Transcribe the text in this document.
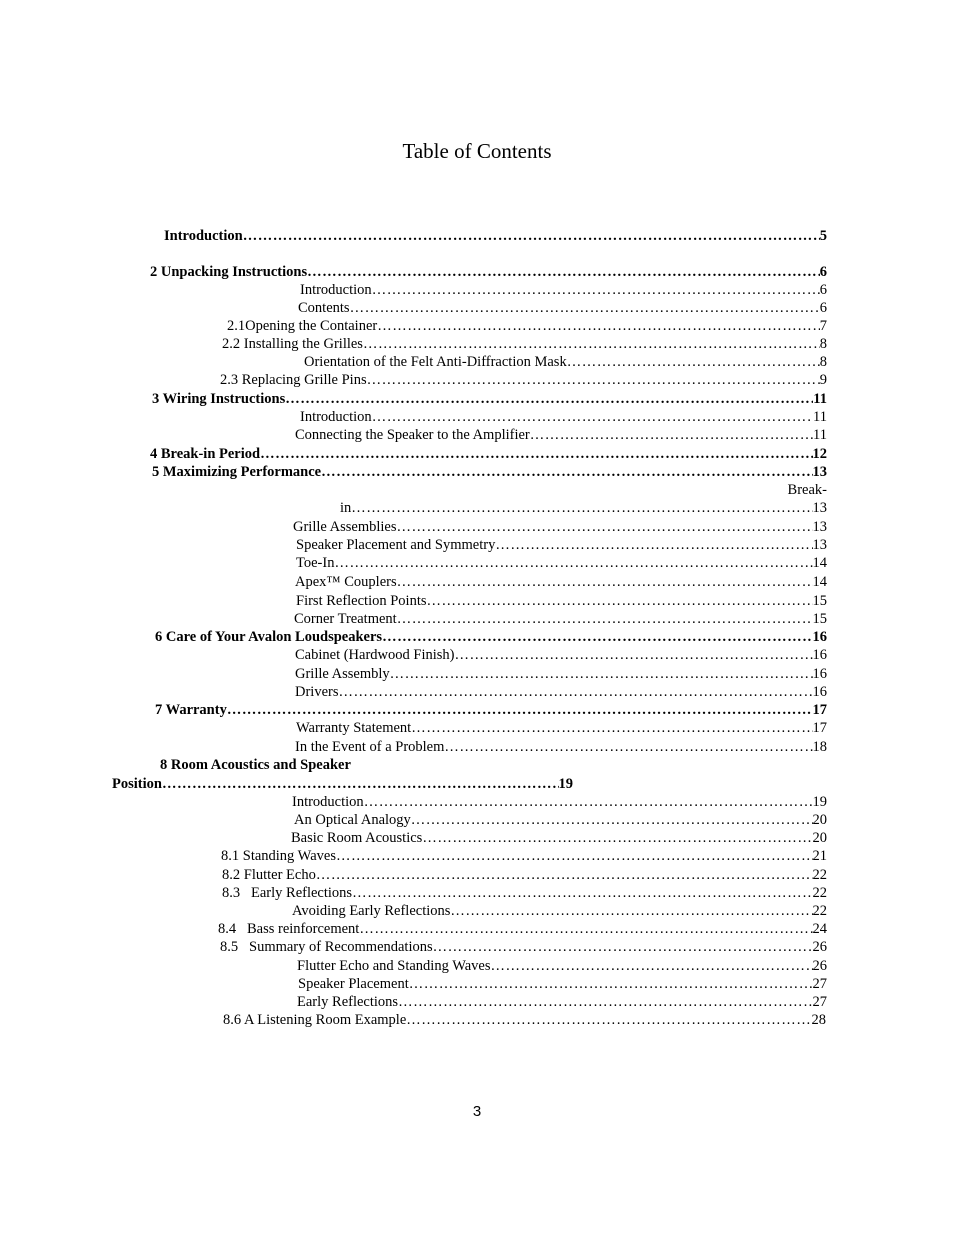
Table of Contents
Introduction …………………………………………………………………………………………………………………………………………………………………………………………………………………………………………	5
2 Unpacking Instructions …………………………………………………………………………………………………………………………………………………………………………………………………………………………………………	6
Introduction …………………………………………………………………………………………………………………………………………………………………………………………………………………………………………	6
Contents …………………………………………………………………………………………………………………………………………………………………………………………………………………………………………	6
2.1Opening the Container …………………………………………………………………………………………………………………………………………………………………………………………………………………………………………	7
2.2 Installing the Grilles …………………………………………………………………………………………………………………………………………………………………………………………………………………………………………	8
Orientation of the Felt Anti-Diffraction Mask …………………………………………………………………………………………………………………………………………………………………………………………………………………………………………	8
2.3 Replacing Grille Pins …………………………………………………………………………………………………………………………………………………………………………………………………………………………………………	9
3 Wiring Instructions …………………………………………………………………………………………………………………………………………………………………………………………………………………………………………	11
Introduction …………………………………………………………………………………………………………………………………………………………………………………………………………………………………………	11
Connecting the Speaker to the Amplifier …………………………………………………………………………………………………………………………………………………………………………………………………………………………………………	11
4 Break-in Period …………………………………………………………………………………………………………………………………………………………………………………………………………………………………………	12
5 Maximizing Performance …………………………………………………………………………………………………………………………………………………………………………………………………………………………………………	13
Break-
in …………………………………………………………………………………………………………………………………………………………………………………………………………………………………………	13
Grille Assemblies …………………………………………………………………………………………………………………………………………………………………………………………………………………………………………	13
Speaker Placement and Symmetry …………………………………………………………………………………………………………………………………………………………………………………………………………………………………………	13
Toe-In …………………………………………………………………………………………………………………………………………………………………………………………………………………………………………	14
Apex™ Couplers …………………………………………………………………………………………………………………………………………………………………………………………………………………………………………	14
First Reflection Points …………………………………………………………………………………………………………………………………………………………………………………………………………………………………………	15
Corner Treatment …………………………………………………………………………………………………………………………………………………………………………………………………………………………………………	15
6 Care of Your Avalon Loudspeakers …………………………………………………………………………………………………………………………………………………………………………………………………………………………………………	16
Cabinet (Hardwood Finish) …………………………………………………………………………………………………………………………………………………………………………………………………………………………………………	16
Grille Assembly …………………………………………………………………………………………………………………………………………………………………………………………………………………………………………	16
Drivers …………………………………………………………………………………………………………………………………………………………………………………………………………………………………………	16
7 Warranty …………………………………………………………………………………………………………………………………………………………………………………………………………………………………………	17
Warranty Statement …………………………………………………………………………………………………………………………………………………………………………………………………………………………………………	17
In the Event of a Problem …………………………………………………………………………………………………………………………………………………………………………………………………………………………………………	18
8 Room Acoustics and Speaker
Position …………………………………………………………………………………………………………………………………………………………………………………………………………………………………………	19
Introduction …………………………………………………………………………………………………………………………………………………………………………………………………………………………………………	19
An Optical Analogy …………………………………………………………………………………………………………………………………………………………………………………………………………………………………………	20
Basic Room Acoustics …………………………………………………………………………………………………………………………………………………………………………………………………………………………………………	20
8.1 Standing Waves …………………………………………………………………………………………………………………………………………………………………………………………………………………………………………	21
8.2 Flutter Echo …………………………………………………………………………………………………………………………………………………………………………………………………………………………………………	22
8.3   Early Reflections …………………………………………………………………………………………………………………………………………………………………………………………………………………………………………	22
Avoiding Early Reflections …………………………………………………………………………………………………………………………………………………………………………………………………………………………………………	22
8.4   Bass reinforcement …………………………………………………………………………………………………………………………………………………………………………………………………………………………………………	24
8.5   Summary of Recommendations …………………………………………………………………………………………………………………………………………………………………………………………………………………………………………	26
Flutter Echo and Standing Waves …………………………………………………………………………………………………………………………………………………………………………………………………………………………………………	26
Speaker Placement …………………………………………………………………………………………………………………………………………………………………………………………………………………………………………	27
Early Reflections …………………………………………………………………………………………………………………………………………………………………………………………………………………………………………	27
8.6 A Listening Room Example …………………………………………………………………………………………………………………………………………………………………………………………………………………………………………	28
3
